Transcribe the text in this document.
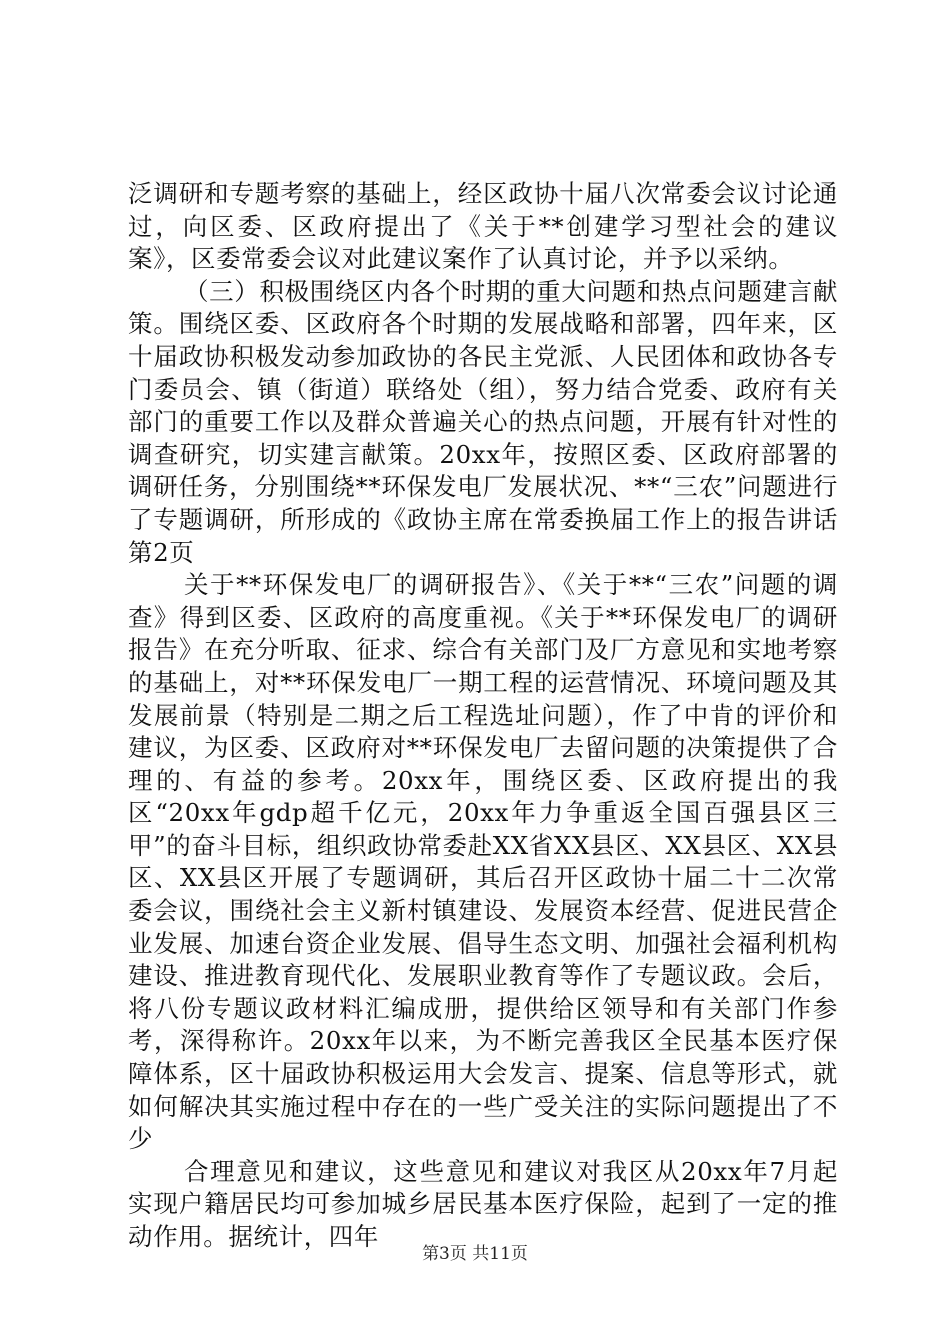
泛调研和专题考察的基础上，经区政协十届八次常委会议讨论通过，向区委、区政府提出了《关于**创建学习型社会的建议案》，区委常委会议对此建议案作了认真讨论，并予以采纳。

（三）积极围绕区内各个时期的重大问题和热点问题建言献策。围绕区委、区政府各个时期的发展战略和部署，四年来，区十届政协积极发动参加政协的各民主党派、人民团体和政协各专门委员会、镇（街道）联络处（组），努力结合党委、政府有关部门的重要工作以及群众普遍关心的热点问题，开展有针对性的调查研究，切实建言献策。20xx年，按照区委、区政府部署的调研任务，分别围绕**环保发电厂发展状况、**“三农”问题进行了专题调研，所形成的《政协主席在常委换届工作上的报告讲话第2页

关于**环保发电厂的调研报告》、《关于**“三农”问题的调查》得到区委、区政府的高度重视。《关于**环保发电厂的调研报告》在充分听取、征求、综合有关部门及厂方意见和实地考察的基础上，对**环保发电厂一期工程的运营情况、环境问题及其发展前景（特别是二期之后工程选址问题），作了中肯的评价和建议，为区委、区政府对**环保发电厂去留问题的决策提供了合理的、有益的参考。20xx年，围绕区委、区政府提出的我区“20xx年gdp超千亿元，20xx年力争重返全国百强县区三甲”的奋斗目标，组织政协常委赴XX省XX县区、XX县区、XX县区、XX县区开展了专题调研，其后召开区政协十届二十二次常委会议，围绕社会主义新村镇建设、发展资本经营、促进民营企业发展、加速台资企业发展、倡导生态文明、加强社会福利机构建设、推进教育现代化、发展职业教育等作了专题议政。会后，将八份专题议政材料汇编成册，提供给区领导和有关部门作参考，深得称许。20xx年以来，为不断完善我区全民基本医疗保障体系，区十届政协积极运用大会发言、提案、信息等形式，就如何解决其实施过程中存在的一些广受关注的实际问题提出了不少

合理意见和建议，这些意见和建议对我区从20xx年7月起实现户籍居民均可参加城乡居民基本医疗保险，起到了一定的推动作用。据统计，四年

第3页 共11页
